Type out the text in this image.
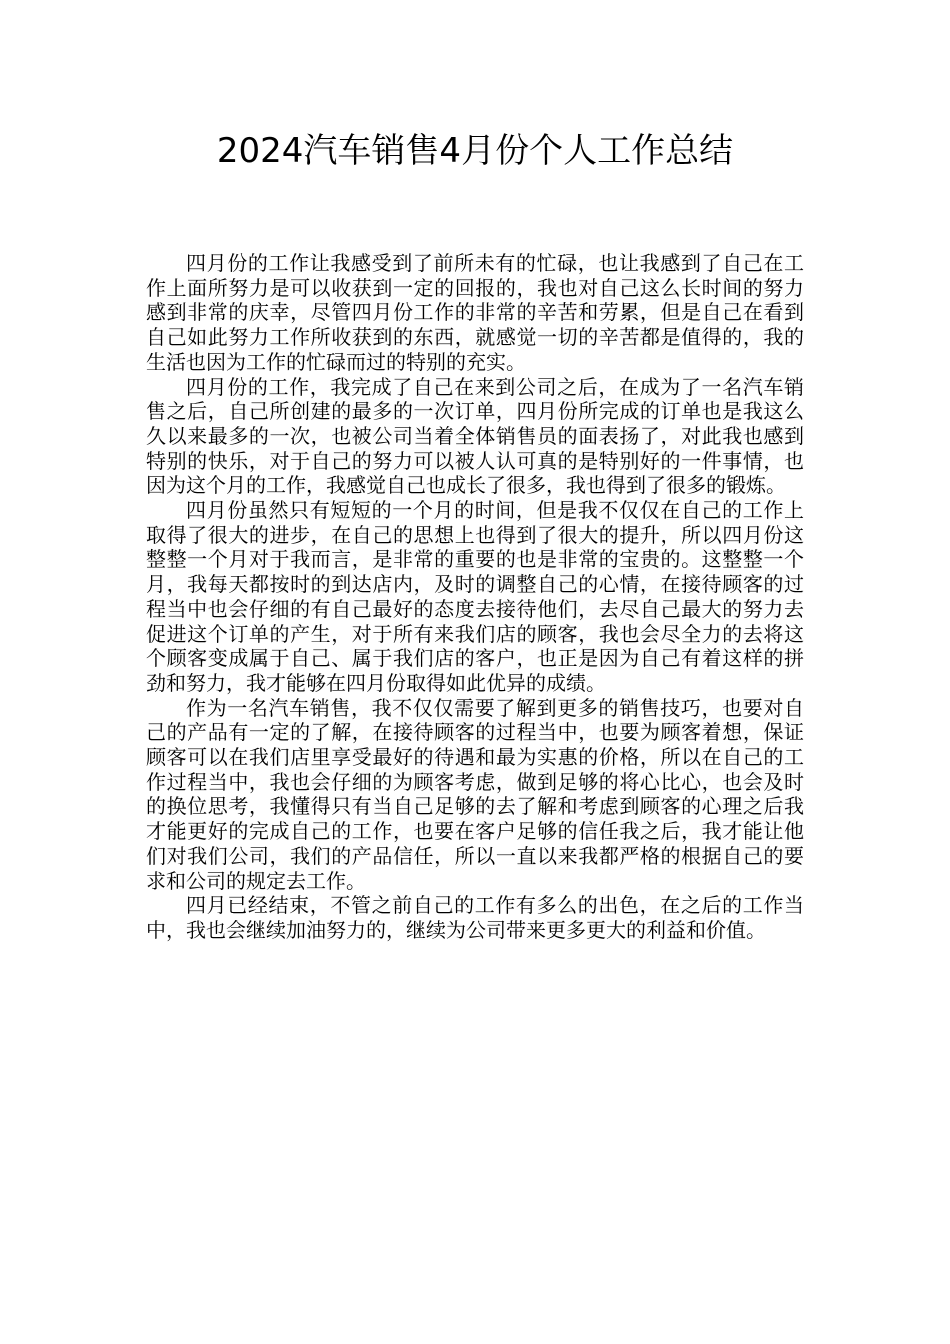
2024汽车销售4月份个人工作总结

四月份的工作让我感受到了前所未有的忙碌，也让我感到了自己在工作上面所努力是可以收获到一定的回报的，我也对自己这么长时间的努力感到非常的庆幸，尽管四月份工作的非常的辛苦和劳累，但是自己在看到自己如此努力工作所收获到的东西，就感觉一切的辛苦都是值得的，我的生活也因为工作的忙碌而过的特别的充实。

四月份的工作，我完成了自己在来到公司之后，在成为了一名汽车销售之后，自己所创建的最多的一次订单，四月份所完成的订单也是我这么久以来最多的一次，也被公司当着全体销售员的面表扬了，对此我也感到特别的快乐，对于自己的努力可以被人认可真的是特别好的一件事情，也因为这个月的工作，我感觉自己也成长了很多，我也得到了很多的锻炼。

四月份虽然只有短短的一个月的时间，但是我不仅仅在自己的工作上取得了很大的进步，在自己的思想上也得到了很大的提升，所以四月份这整整一个月对于我而言，是非常的重要的也是非常的宝贵的。这整整一个月，我每天都按时的到达店内，及时的调整自己的心情，在接待顾客的过程当中也会仔细的有自己最好的态度去接待他们，去尽自己最大的努力去促进这个订单的产生，对于所有来我们店的顾客，我也会尽全力的去将这个顾客变成属于自己、属于我们店的客户，也正是因为自己有着这样的拼劲和努力，我才能够在四月份取得如此优异的成绩。

作为一名汽车销售，我不仅仅需要了解到更多的销售技巧，也要对自己的产品有一定的了解，在接待顾客的过程当中，也要为顾客着想，保证顾客可以在我们店里享受最好的待遇和最为实惠的价格，所以在自己的工作过程当中，我也会仔细的为顾客考虑，做到足够的将心比心，也会及时的换位思考，我懂得只有当自己足够的去了解和考虑到顾客的心理之后我才能更好的完成自己的工作，也要在客户足够的信任我之后，我才能让他们对我们公司，我们的产品信任，所以一直以来我都严格的根据自己的要求和公司的规定去工作。

四月已经结束，不管之前自己的工作有多么的出色，在之后的工作当中，我也会继续加油努力的，继续为公司带来更多更大的利益和价值。
